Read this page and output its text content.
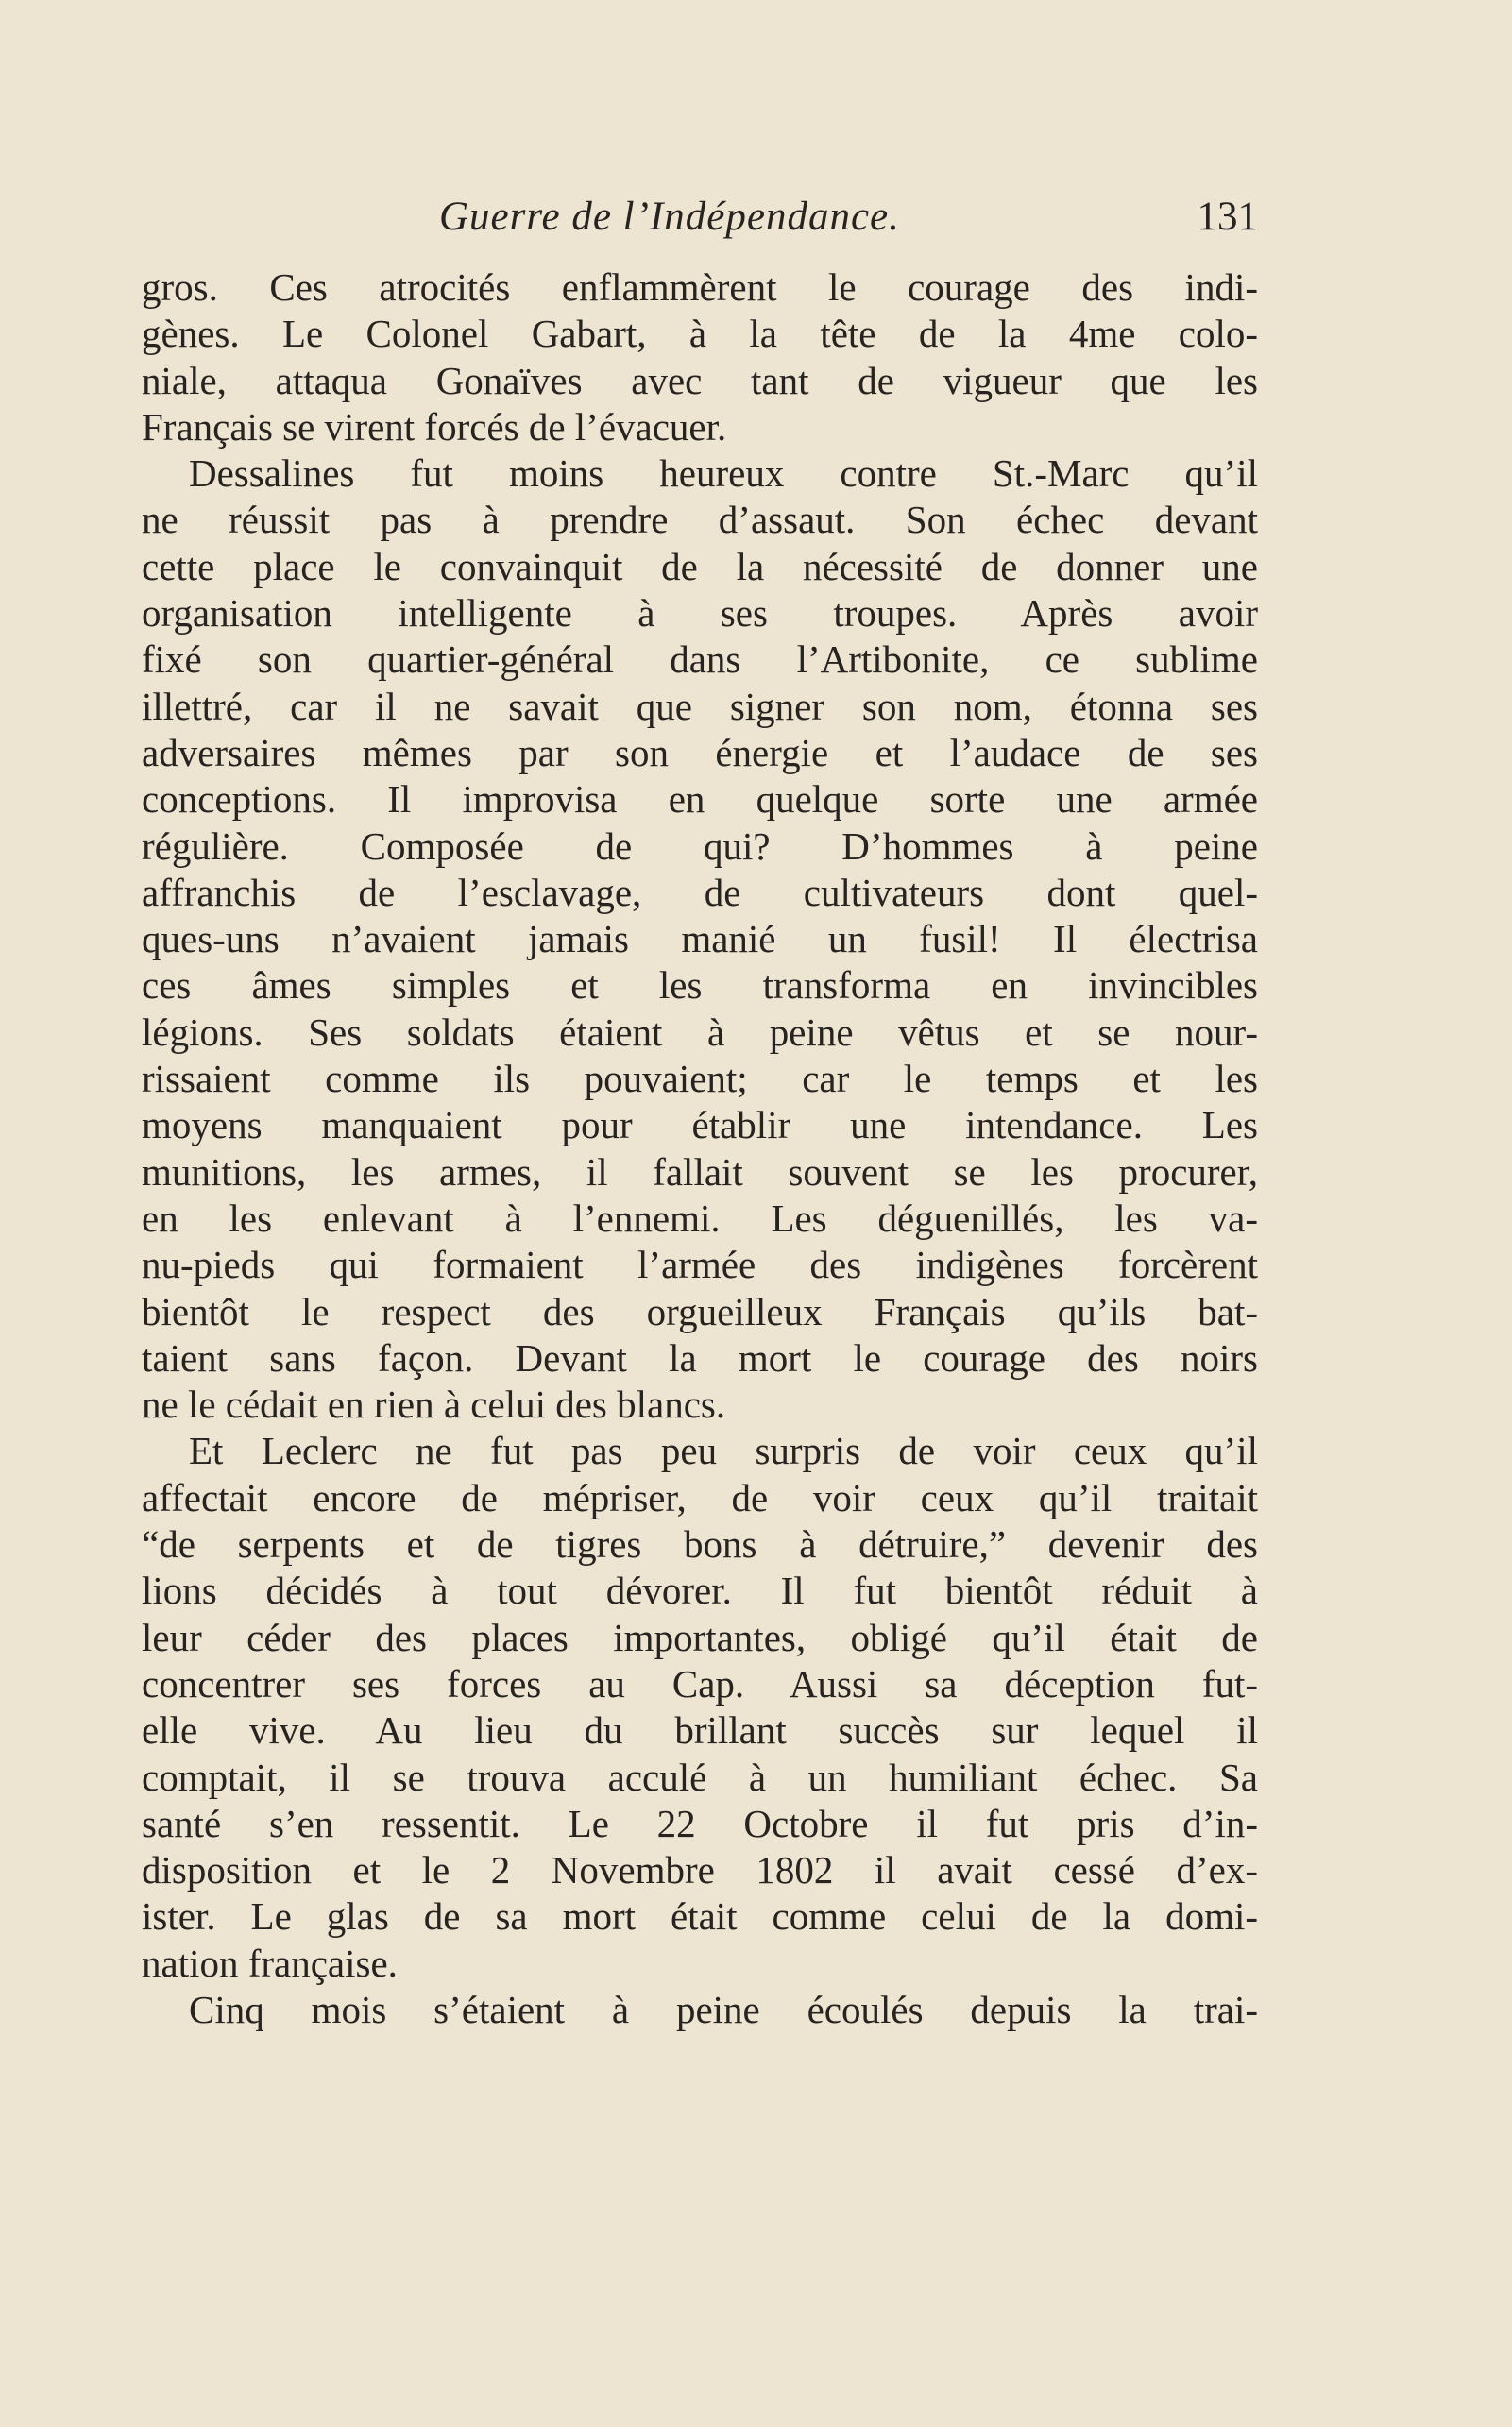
Guerre de l’Indépendance.	131
gros. Ces atrocités enflammèrent le courage des indi-
gènes. Le Colonel Gabart, à la tête de la 4me colo-
niale, attaqua Gonaïves avec tant de vigueur que les
Français se virent forcés de l’évacuer.
Dessalines fut moins heureux contre St.-Marc qu’il
ne réussit pas à prendre d’assaut. Son échec devant
cette place le convainquit de la nécessité de donner une
organisation intelligente à ses troupes. Après avoir
fixé son quartier-général dans l’Artibonite, ce sublime
illettré, car il ne savait que signer son nom, étonna ses
adversaires mêmes par son énergie et l’audace de ses
conceptions. Il improvisa en quelque sorte une armée
régulière. Composée de qui? D’hommes à peine
affranchis de l’esclavage, de cultivateurs dont quel-
ques-uns n’avaient jamais manié un fusil! Il électrisa
ces âmes simples et les transforma en invincibles
légions. Ses soldats étaient à peine vêtus et se nour-
rissaient comme ils pouvaient; car le temps et les
moyens manquaient pour établir une intendance. Les
munitions, les armes, il fallait souvent se les procurer,
en les enlevant à l’ennemi. Les déguenillés, les va-
nu-pieds qui formaient l’armée des indigènes forcèrent
bientôt le respect des orgueilleux Français qu’ils bat-
taient sans façon. Devant la mort le courage des noirs
ne le cédait en rien à celui des blancs.
Et Leclerc ne fut pas peu surpris de voir ceux qu’il
affectait encore de mépriser, de voir ceux qu’il traitait
“de serpents et de tigres bons à détruire,” devenir des
lions décidés à tout dévorer. Il fut bientôt réduit à
leur céder des places importantes, obligé qu’il était de
concentrer ses forces au Cap. Aussi sa déception fut-
elle vive. Au lieu du brillant succès sur lequel il
comptait, il se trouva acculé à un humiliant échec. Sa
santé s’en ressentit. Le 22 Octobre il fut pris d’in-
disposition et le 2 Novembre 1802 il avait cessé d’ex-
ister. Le glas de sa mort était comme celui de la domi-
nation française.
Cinq mois s’étaient à peine écoulés depuis la trai-
